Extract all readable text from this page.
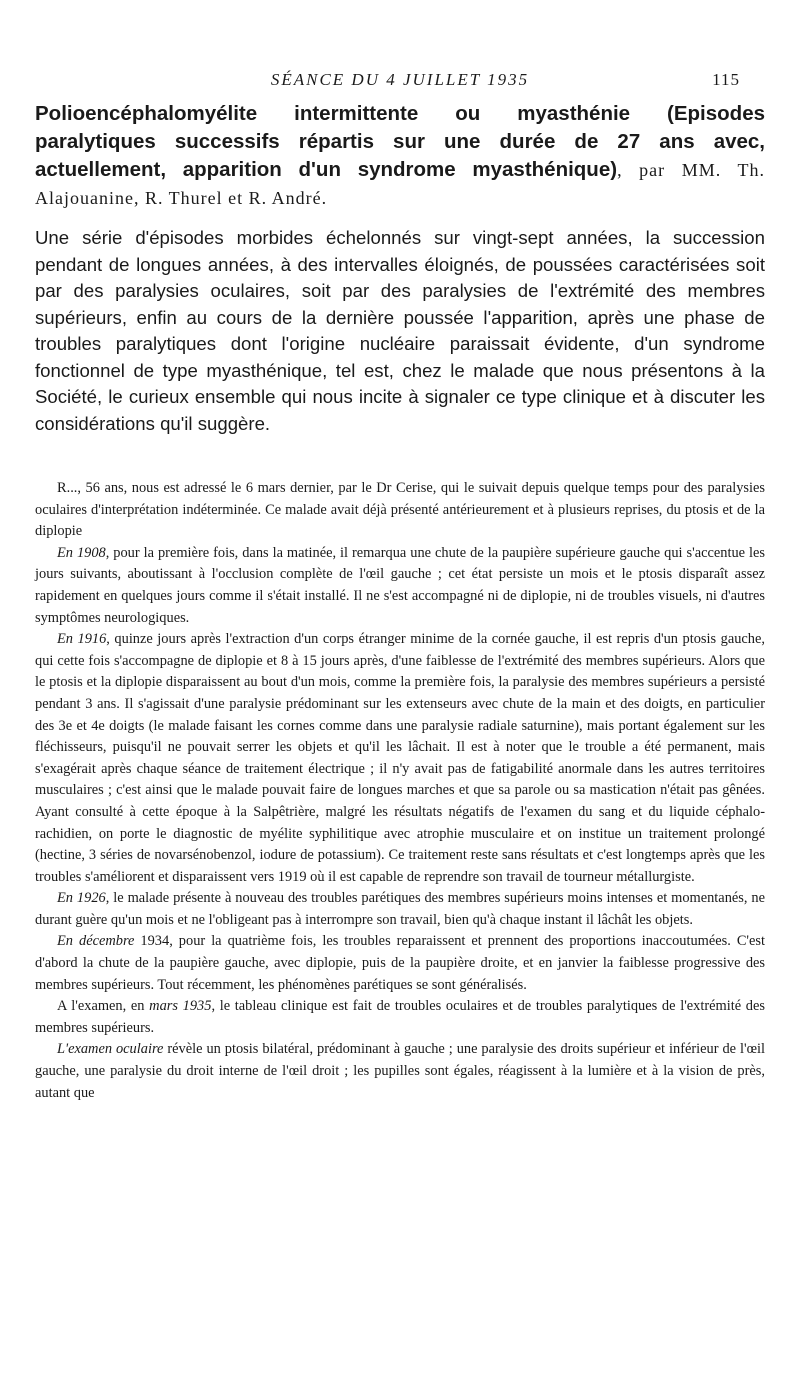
SÉANCE DU 4 JUILLET 1935	115
Polioencéphalomyélite intermittente ou myasthénie (Episodes paralytiques successifs répartis sur une durée de 27 ans avec, actuellement, apparition d'un syndrome myasthénique), par MM. Th. Alajouanine, R. Thurel et R. André.

Une série d'épisodes morbides échelonnés sur vingt-sept années, la succession pendant de longues années, à des intervalles éloignés, de poussées caractérisées soit par des paralysies oculaires, soit par des paralysies de l'extrémité des membres supérieurs, enfin au cours de la dernière poussée l'apparition, après une phase de troubles paralytiques dont l'origine nucléaire paraissait évidente, d'un syndrome fonctionnel de type myasthénique, tel est, chez le malade que nous présentons à la Société, le curieux ensemble qui nous incite à signaler ce type clinique et à discuter les considérations qu'il suggère.

R..., 56 ans, nous est adressé le 6 mars dernier, par le Dr Cerise, qui le suivait depuis quelque temps pour des paralysies oculaires d'interprétation indéterminée. Ce malade avait déjà présenté antérieurement et à plusieurs reprises, du ptosis et de la diplopie

En 1908, pour la première fois, dans la matinée, il remarqua une chute de la paupière supérieure gauche qui s'accentue les jours suivants, aboutissant à l'occlusion complète de l'œil gauche ; cet état persiste un mois et le ptosis disparaît assez rapidement en quelques jours comme il s'était installé. Il ne s'est accompagné ni de diplopie, ni de troubles visuels, ni d'autres symptômes neurologiques.

En 1916, quinze jours après l'extraction d'un corps étranger minime de la cornée gauche, il est repris d'un ptosis gauche, qui cette fois s'accompagne de diplopie et 8 à 15 jours après, d'une faiblesse de l'extrémité des membres supérieurs. Alors que le ptosis et la diplopie disparaissent au bout d'un mois, comme la première fois, la paralysie des membres supérieurs a persisté pendant 3 ans. Il s'agissait d'une paralysie prédominant sur les extenseurs avec chute de la main et des doigts, en particulier des 3e et 4e doigts (le malade faisant les cornes comme dans une paralysie radiale saturnine), mais portant également sur les fléchisseurs, puisqu'il ne pouvait serrer les objets et qu'il les lâchait. Il est à noter que le trouble a été permanent, mais s'exagérait après chaque séance de traitement électrique ; il n'y avait pas de fatigabilité anormale dans les autres territoires musculaires ; c'est ainsi que le malade pouvait faire de longues marches et que sa parole ou sa mastication n'était pas gênées. Ayant consulté à cette époque à la Salpêtrière, malgré les résultats négatifs de l'examen du sang et du liquide céphalo-rachidien, on porte le diagnostic de myélite syphilitique avec atrophie musculaire et on institue un traitement prolongé (hectine, 3 séries de novarsénobenzol, iodure de potassium). Ce traitement reste sans résultats et c'est longtemps après que les troubles s'améliorent et disparaissent vers 1919 où il est capable de reprendre son travail de tourneur métallurgiste.

En 1926, le malade présente à nouveau des troubles parétiques des membres supérieurs moins intenses et momentanés, ne durant guère qu'un mois et ne l'obligeant pas à interrompre son travail, bien qu'à chaque instant il lâchât les objets.

En décembre 1934, pour la quatrième fois, les troubles reparaissent et prennent des proportions inaccoutumées. C'est d'abord la chute de la paupière gauche, avec diplopie, puis de la paupière droite, et en janvier la faiblesse progressive des membres supérieurs. Tout récemment, les phénomènes parétiques se sont généralisés.

A l'examen, en mars 1935, le tableau clinique est fait de troubles oculaires et de troubles paralytiques de l'extrémité des membres supérieurs.

L'examen oculaire révèle un ptosis bilatéral, prédominant à gauche ; une paralysie des droits supérieur et inférieur de l'œil gauche, une paralysie du droit interne de l'œil droit ; les pupilles sont égales, réagissent à la lumière et à la vision de près, autant que
